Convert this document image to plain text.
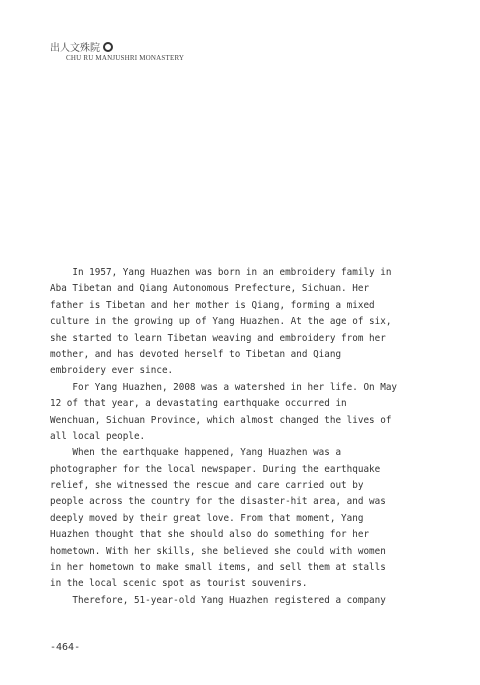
出人文殊院
CHU RU MANJUSHRI MONASTERY

In 1957, Yang Huazhen was born in an embroidery family in
Aba Tibetan and Qiang Autonomous Prefecture, Sichuan. Her
father is Tibetan and her mother is Qiang, forming a mixed
culture in the growing up of Yang Huazhen. At the age of six,
she started to learn Tibetan weaving and embroidery from her
mother, and has devoted herself to Tibetan and Qiang
embroidery ever since.

For Yang Huazhen, 2008 was a watershed in her life. On May
12 of that year, a devastating earthquake occurred in
Wenchuan, Sichuan Province, which almost changed the lives of
all local people.

When the earthquake happened, Yang Huazhen was a
photographer for the local newspaper. During the earthquake
relief, she witnessed the rescue and care carried out by
people across the country for the disaster-hit area, and was
deeply moved by their great love. From that moment, Yang
Huazhen thought that she should also do something for her
hometown. With her skills, she believed she could with women
in her hometown to make small items, and sell them at stalls
in the local scenic spot as tourist souvenirs.

Therefore, 51-year-old Yang Huazhen registered a company

-464-
